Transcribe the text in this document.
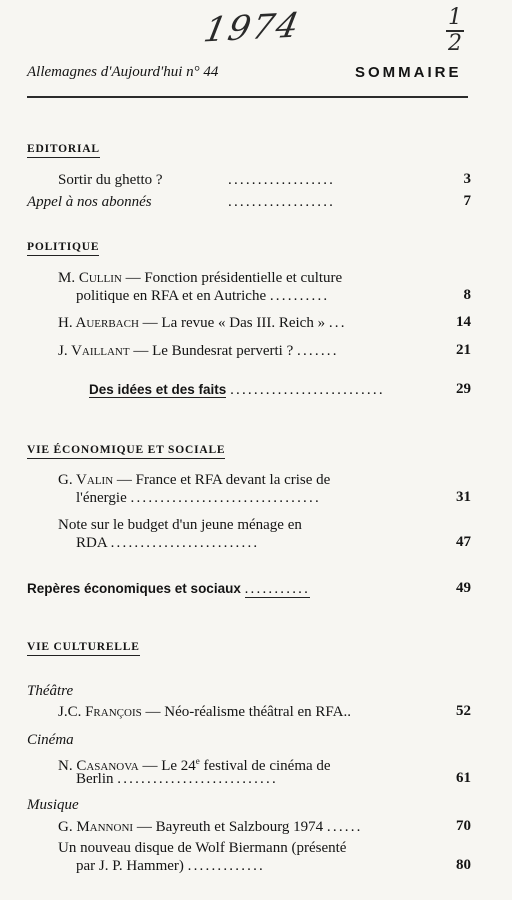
1974	1
2
Allemagnes d'Aujourd'hui n° 44	SOMMAIRE
EDITORIAL
Sortir du ghetto ?	..................	3
Appel à nos abonnés	..................	7
POLITIQUE
M. Cullin — Fonction présidentielle et culture
politique en RFA et en Autriche ..........	8
H. Auerbach — La revue « Das III. Reich » ...	14
J. Vaillant — Le Bundesrat perverti ? .......	21
Des idées et des faits ..........................	29
VIE ÉCONOMIQUE ET SOCIALE
G. Valin — France et RFA devant la crise de
l'énergie ................................	31
Note sur le budget d'un jeune ménage en
RDA .........................	47
Repères économiques et sociaux ...........	49
VIE CULTURELLE
Théâtre
J.C. François — Néo-réalisme théâtral en RFA..	52
Cinéma
N. Casanova — Le 24e festival de cinéma de
Berlin ...........................	61
Musique
G. Mannoni — Bayreuth et Salzbourg 1974 ......	70
Un nouveau disque de Wolf Biermann (présenté
par J. P. Hammer) .............	80
